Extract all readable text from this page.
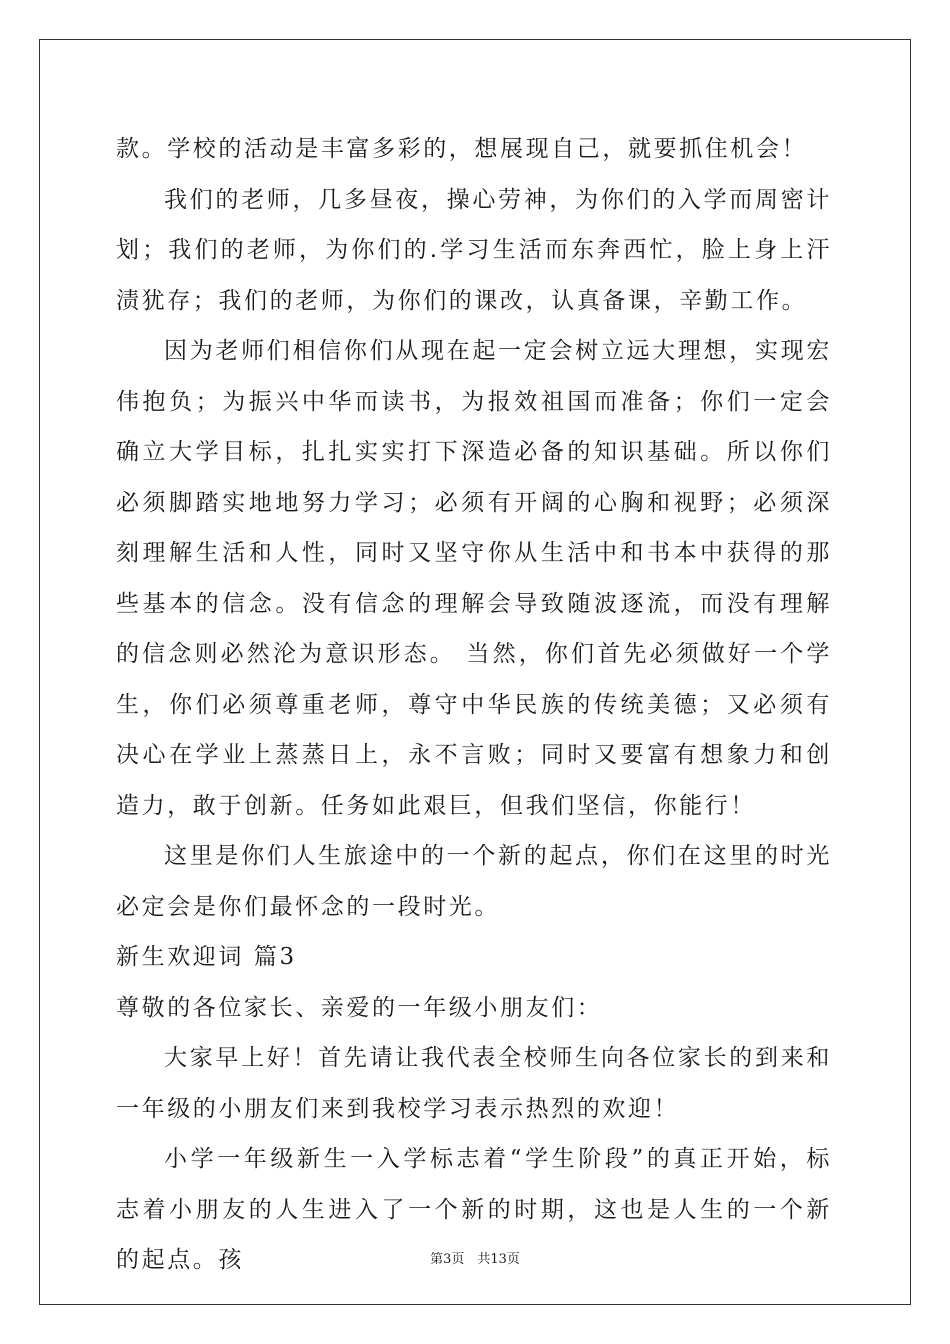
款。学校的活动是丰富多彩的，想展现自己，就要抓住机会！

我们的老师，几多昼夜，操心劳神，为你们的入学而周密计划；我们的老师，为你们的.学习生活而东奔西忙，脸上身上汗渍犹存；我们的老师，为你们的课改，认真备课，辛勤工作。

因为老师们相信你们从现在起一定会树立远大理想，实现宏伟抱负；为振兴中华而读书，为报效祖国而准备；你们一定会确立大学目标，扎扎实实打下深造必备的知识基础。所以你们必须脚踏实地地努力学习；必须有开阔的心胸和视野；必须深刻理解生活和人性，同时又坚守你从生活中和书本中获得的那些基本的信念。没有信念的理解会导致随波逐流，而没有理解的信念则必然沦为意识形态。 当然，你们首先必须做好一个学生，你们必须尊重老师，尊守中华民族的传统美德；又必须有决心在学业上蒸蒸日上，永不言败；同时又要富有想象力和创造力，敢于创新。任务如此艰巨，但我们坚信，你能行！

这里是你们人生旅途中的一个新的起点，你们在这里的时光必定会是你们最怀念的一段时光。

新生欢迎词 篇3

尊敬的各位家长、亲爱的一年级小朋友们：

大家早上好！首先请让我代表全校师生向各位家长的到来和一年级的小朋友们来到我校学习表示热烈的欢迎！

小学一年级新生一入学标志着“学生阶段”的真正开始，标志着小朋友的人生进入了一个新的时期，这也是人生的一个新的起点。孩	第3页　共13页
